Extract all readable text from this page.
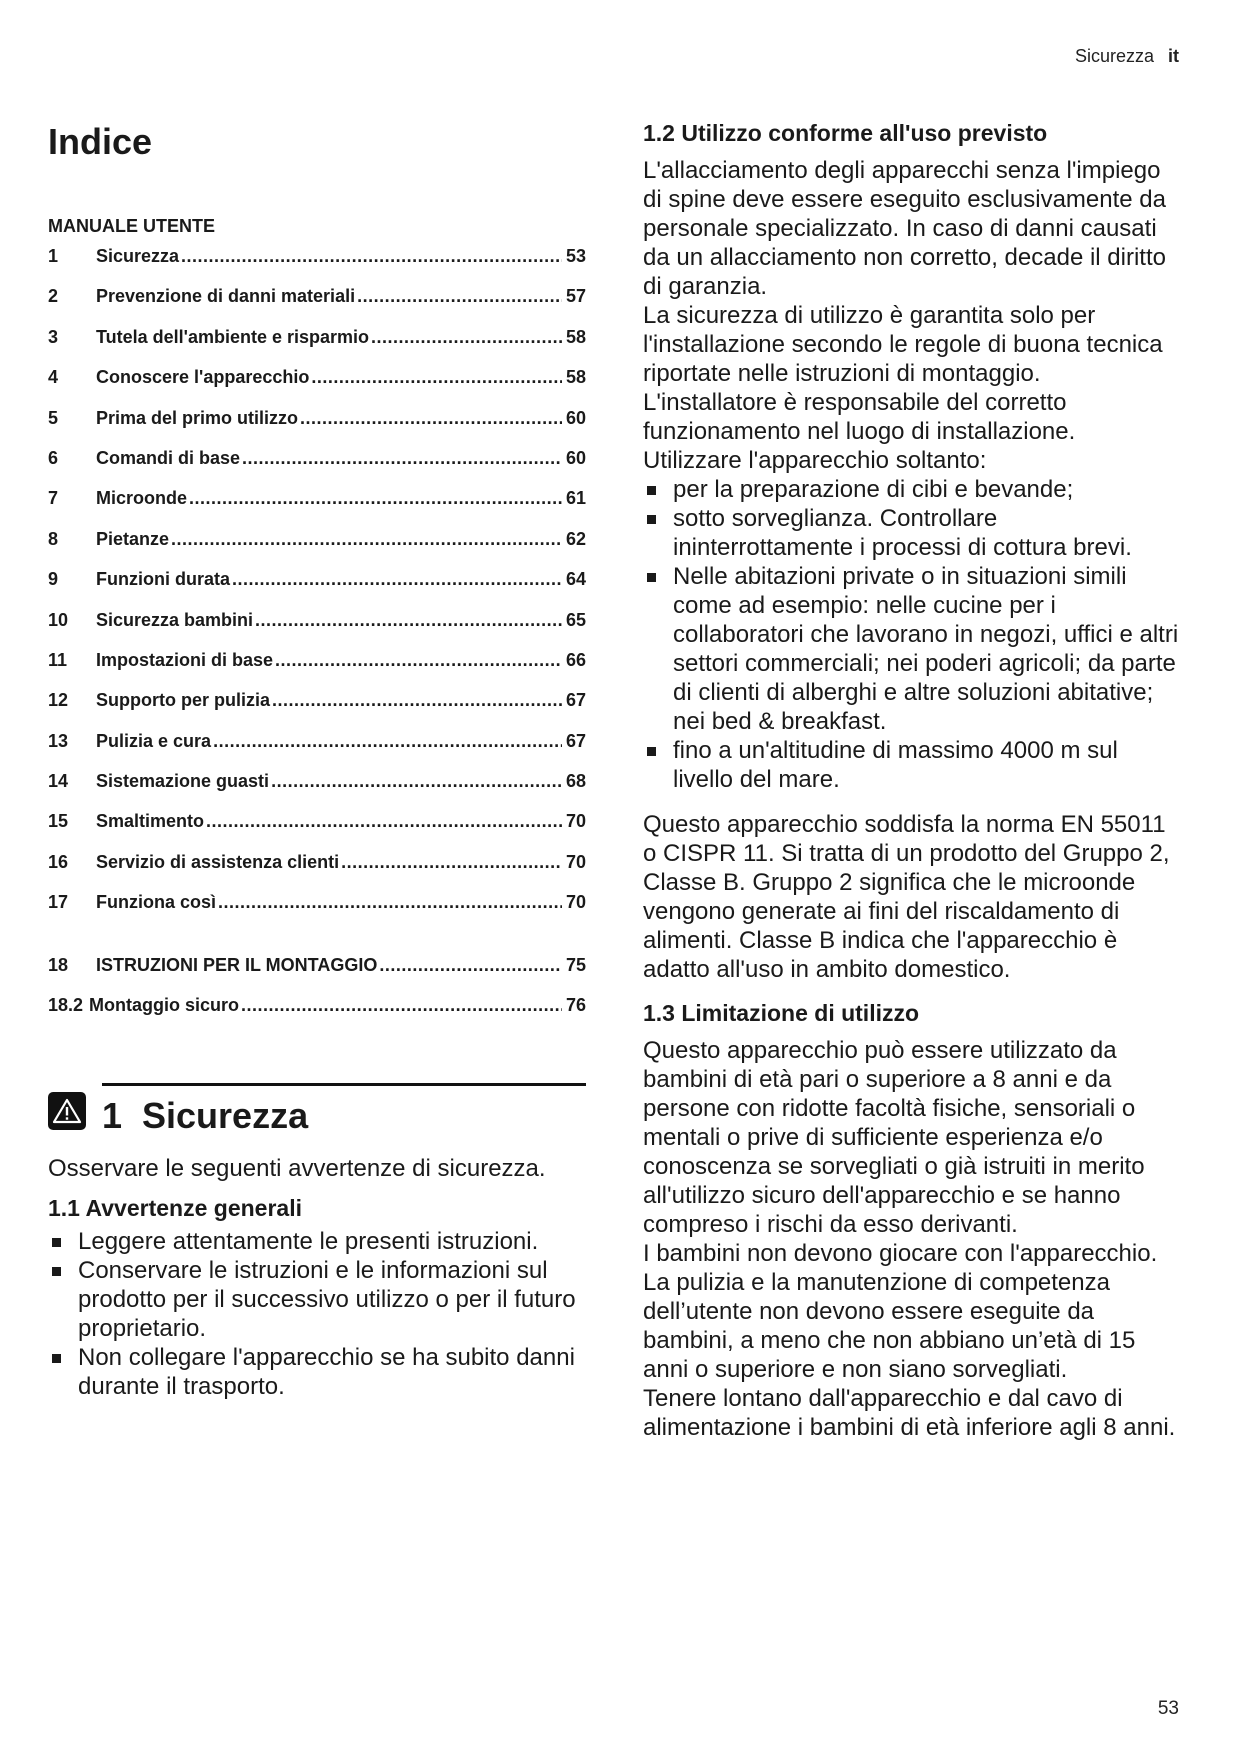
Sicurezza it
Indice
MANUALE UTENTE
1	Sicurezza .....	53
2	Prevenzione di danni materiali .....	57
3	Tutela dell'ambiente e risparmio .....	58
4	Conoscere l'apparecchio .....	58
5	Prima del primo utilizzo .....	60
6	Comandi di base .....	60
7	Microonde .....	61
8	Pietanze .....	62
9	Funzioni durata .....	64
10	Sicurezza bambini .....	65
11	Impostazioni di base .....	66
12	Supporto per pulizia .....	67
13	Pulizia e cura .....	67
14	Sistemazione guasti .....	68
15	Smaltimento .....	70
16	Servizio di assistenza clienti .....	70
17	Funziona così .....	70
18	ISTRUZIONI PER IL MONTAGGIO .....	75
18.2 Montaggio sicuro .....	76
1  Sicurezza

Osservare le seguenti avvertenze di sicurezza.

1.1 Avvertenze generali

Leggere attentamente le presenti istruzioni.
Conservare le istruzioni e le informazioni sul prodotto per il successivo utilizzo o per il futuro proprietario.
Non collegare l'apparecchio se ha subito danni durante il trasporto.

1.2 Utilizzo conforme all'uso previsto

L'allacciamento degli apparecchi senza l'impiego di spine deve essere eseguito esclusivamente da personale specializzato. In caso di danni causati da un allacciamento non corretto, decade il diritto di garanzia.

La sicurezza di utilizzo è garantita solo per l'installazione secondo le regole di buona tecnica riportate nelle istruzioni di montaggio.

L'installatore è responsabile del corretto funzionamento nel luogo di installazione.

Utilizzare l'apparecchio soltanto:

per la preparazione di cibi e bevande;
sotto sorveglianza. Controllare ininterrottamente i processi di cottura brevi.
Nelle abitazioni private o in situazioni simili come ad esempio: nelle cucine per i collaboratori che lavorano in negozi, uffici e altri settori commerciali; nei poderi agricoli; da parte di clienti di alberghi e altre soluzioni abitative; nei bed & breakfast.
fino a un'altitudine di massimo 4000 m sul livello del mare.

Questo apparecchio soddisfa la norma EN 55011 o CISPR 11. Si tratta di un prodotto del Gruppo 2, Classe B. Gruppo 2 significa che le microonde vengono generate ai fini del riscaldamento di alimenti. Classe B indica che l'apparecchio è adatto all'uso in ambito domestico.

1.3 Limitazione di utilizzo

Questo apparecchio può essere utilizzato da bambini di età pari o superiore a 8 anni e da persone con ridotte facoltà fisiche, sensoriali o mentali o prive di sufficiente esperienza e/o conoscenza se sorvegliati o già istruiti in merito all'utilizzo sicuro dell'apparecchio e se hanno compreso i rischi da esso derivanti.

I bambini non devono giocare con l'apparecchio.

La pulizia e la manutenzione di competenza dell’utente non devono essere eseguite da bambini, a meno che non abbiano un’età di 15 anni o superiore e non siano sorvegliati.

Tenere lontano dall'apparecchio e dal cavo di alimentazione i bambini di età inferiore agli 8 anni.

53
